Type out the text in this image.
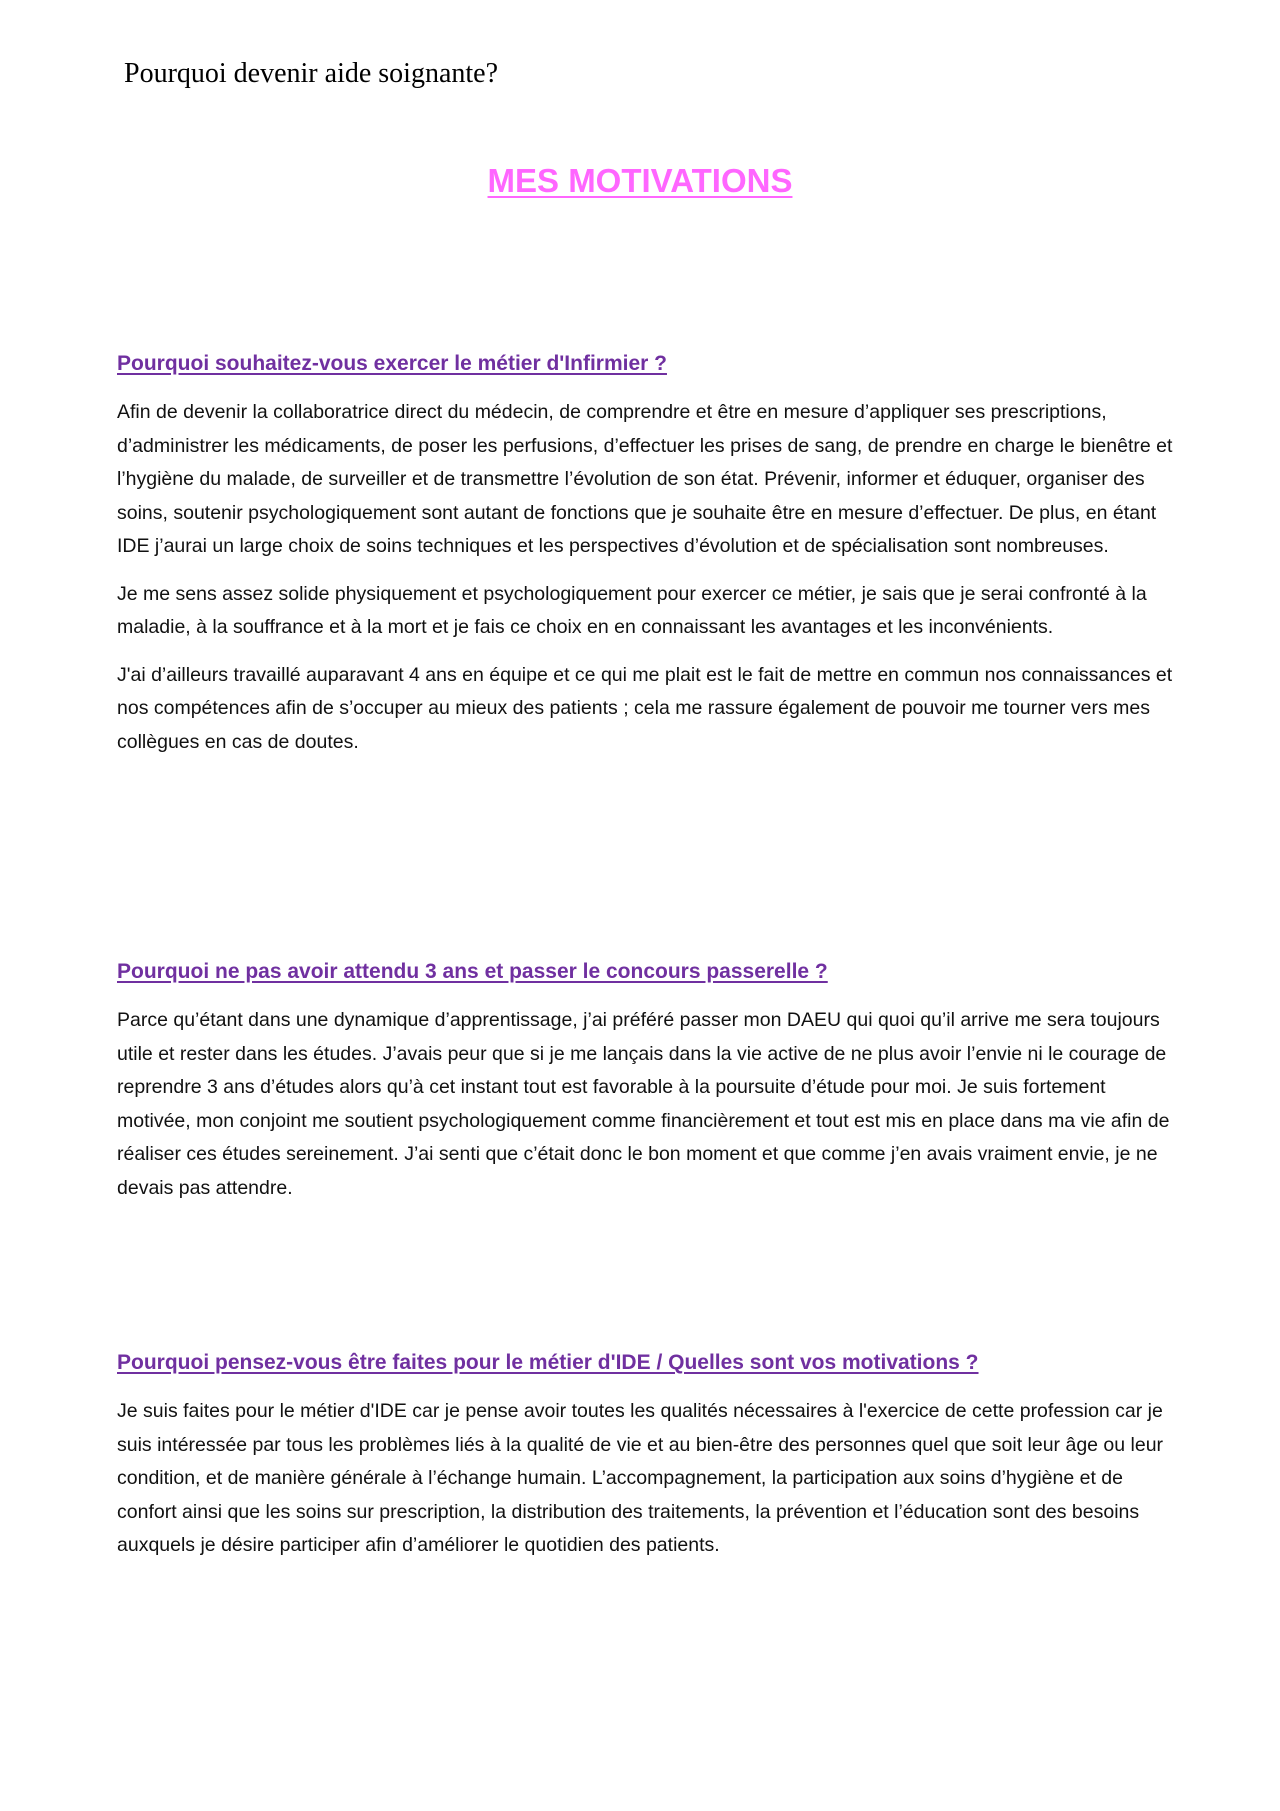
Pourquoi devenir aide soignante?
MES MOTIVATIONS
Pourquoi souhaitez-vous exercer le métier d'Infirmier ?

Afin de devenir la collaboratrice direct du médecin, de comprendre et être en mesure d’appliquer ses prescriptions, d’administrer les médicaments, de poser les perfusions, d’effectuer les prises de sang, de prendre en charge le bienêtre et l’hygiène du malade, de surveiller et de transmettre l’évolution de son état. Prévenir, informer et éduquer, organiser des soins, soutenir psychologiquement sont autant de fonctions que je souhaite être en mesure d’effectuer. De plus, en étant IDE j’aurai un large choix de soins techniques et les perspectives d’évolution et de spécialisation sont nombreuses.

Je me sens assez solide physiquement et psychologiquement pour exercer ce métier, je sais que je serai confronté à la maladie, à la souffrance et à la mort et je fais ce choix en en connaissant les avantages et les inconvénients.

J'ai d’ailleurs travaillé auparavant 4 ans en équipe et ce qui me plait est le fait de mettre en commun nos connaissances et nos compétences afin de s’occuper au mieux des patients ; cela me rassure également de pouvoir me tourner vers mes collègues en cas de doutes.

Pourquoi ne pas avoir attendu 3 ans et passer le concours passerelle ?

Parce qu’étant dans une dynamique d’apprentissage, j’ai préféré passer mon DAEU qui quoi qu’il arrive me sera toujours utile et rester dans les études. J’avais peur que si je me lançais dans la vie active de ne plus avoir l’envie ni le courage de reprendre 3 ans d’études alors qu’à cet instant tout est favorable à la poursuite d’étude pour moi. Je suis fortement motivée, mon conjoint me soutient psychologiquement comme financièrement et tout est mis en place dans ma vie afin de réaliser ces études sereinement. J’ai senti que c’était donc le bon moment et que comme j’en avais vraiment envie, je ne devais pas attendre.

Pourquoi pensez-vous être faites pour le métier d'IDE / Quelles sont vos motivations ?

Je suis faites pour le métier d'IDE car je pense avoir toutes les qualités nécessaires à l'exercice de cette profession car je suis intéressée par tous les problèmes liés à la qualité de vie et au bien-être des personnes quel que soit leur âge ou leur condition, et de manière générale à l’échange humain. L’accompagnement, la participation aux soins d’hygiène et de confort ainsi que les soins sur prescription, la distribution des traitements, la prévention et l’éducation sont des besoins auxquels je désire participer afin d’améliorer le quotidien des patients.
